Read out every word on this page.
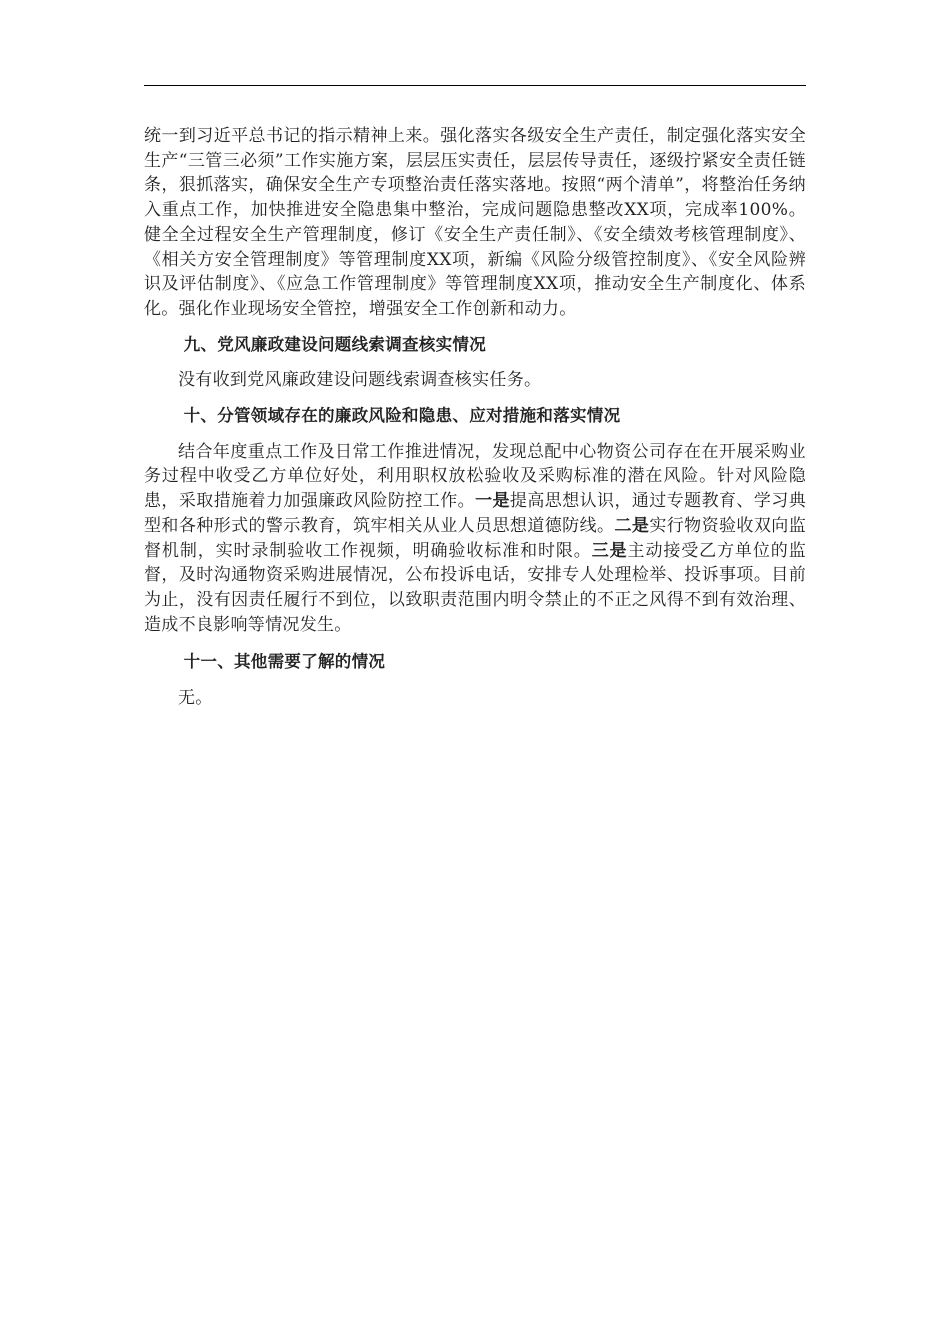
统一到习近平总书记的指示精神上来。强化落实各级安全生产责任，制定强化落实安全生产“三管三必须”工作实施方案，层层压实责任，层层传导责任，逐级拧紧安全责任链条，狠抓落实，确保安全生产专项整治责任落实落地。按照“两个清单”，将整治任务纳入重点工作，加快推进安全隐患集中整治，完成问题隐患整改XX项，完成率100%。健全全过程安全生产管理制度，修订《安全生产责任制》、《安全绩效考核管理制度》、《相关方安全管理制度》等管理制度XX项，新编《风险分级管控制度》、《安全风险辨识及评估制度》、《应急工作管理制度》等管理制度XX项，推动安全生产制度化、体系化。强化作业现场安全管控，增强安全工作创新和动力。

九、党风廉政建设问题线索调查核实情况

没有收到党风廉政建设问题线索调查核实任务。

十、分管领域存在的廉政风险和隐患、应对措施和落实情况

结合年度重点工作及日常工作推进情况，发现总配中心物资公司存在在开展采购业务过程中收受乙方单位好处，利用职权放松验收及采购标准的潜在风险。针对风险隐患，采取措施着力加强廉政风险防控工作。一是提高思想认识，通过专题教育、学习典型和各种形式的警示教育，筑牢相关从业人员思想道德防线。二是实行物资验收双向监督机制，实时录制验收工作视频，明确验收标准和时限。三是主动接受乙方单位的监督，及时沟通物资采购进展情况，公布投诉电话，安排专人处理检举、投诉事项。目前为止，没有因责任履行不到位，以致职责范围内明令禁止的不正之风得不到有效治理、造成不良影响等情况发生。

十一、其他需要了解的情况

无。
